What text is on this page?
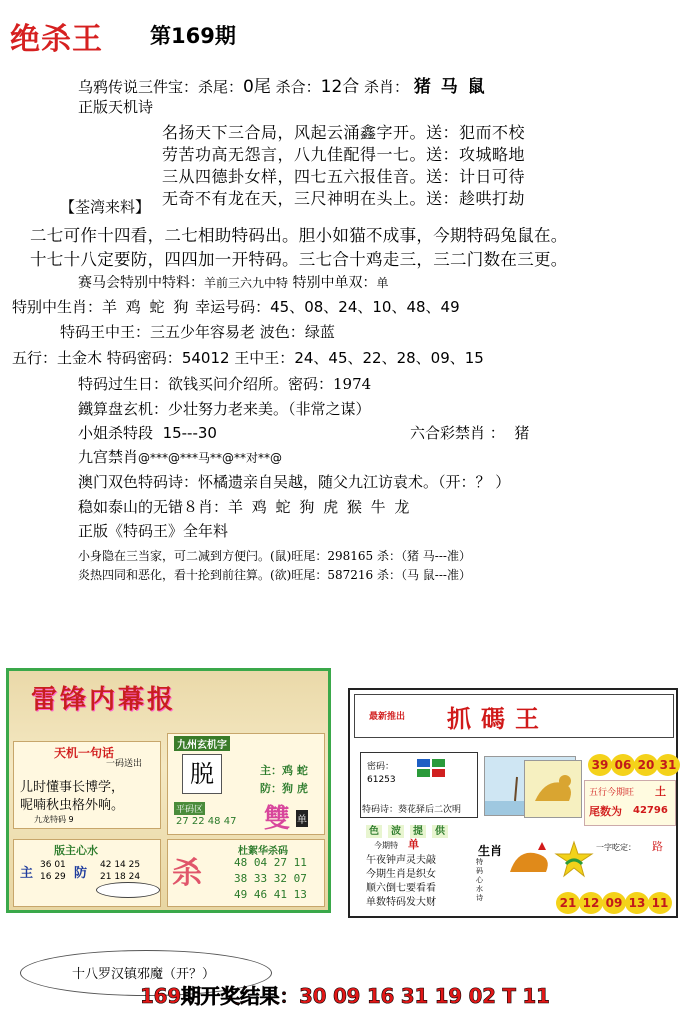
绝杀王 第169期
乌鸦传说三件宝：杀尾：0尾 杀合：12合 杀肖： 猪 马 鼠
正版天机诗
名扬天下三合局，风起云涌鑫字开。送：犯而不校
劳苦功高无怨言，八九佳配得一七。送：攻城略地
三从四德卦女样，四七五六报佳音。送：计日可待
无奇不有龙在天，三尺神明在头上。送：趁哄打劫
【荃湾来料】
二七可作十四看，二七相助特码出。胆小如猫不成事，今期特码兔鼠在。
十七十八定要防，四四加一开特码。三七合十鸡走三，三二门数在三更。
赛马会特别中特料：羊前三六九中特 特别中单双：单
特别中生肖：羊 鸡 蛇 狗 幸运号码：45、08、24、10、48、49
特码王中王：三五少年容易老 波色：绿蓝
五行：土金木 特码密码：54012 王中王：24、45、22、28、09、15
特码过生日：欲钱买问介绍所。密码：1974
鐵算盘玄机：少壮努力老来美。（非常之谋）
小姐杀特段 15---30	六合彩禁肖 ： 猪
九宫禁肖@***@***马**@**对**@
澳门双色特码诗：怀橘遗亲自吴越，随父九江访袁术。（开：？ ）
稳如泰山的无错８肖：羊 鸡 蛇 狗 虎 猴 牛 龙
正版《特码王》全年料
小身隐在三当家，可二减到方便闩。(鼠)旺尾：298165 杀：（猪 马---准）
炎热四同和恶化，看十抡到前往算。(欲)旺尾：587216 杀：（马 鼠---准）
雷锋内幕报
天机一句话
一码送出
儿时懂事长博学，
呢喃秋虫格外响。
九龙特码 9
九州玄机字
脱	主：鸡 蛇
防：狗 虎
平码区
27 22 48 47 雙 单
版主心水
主
36 01
16 29 防
42 14 25
21 18 24 杀
杜絮华杀码
48 04 27 11
38 33 32 07
49 46 41 13
最新推出 抓碼王
密码：
61253
特码诗：葵花驿后二次明
39 06 20 31
五行今期旺 土
尾数为 42796
色 波 提 供
今期特 单	生肖
特码心水诗
午夜钟声灵夫敲
今期生肖是织女
顺六倒七要看看
单数特码发大财
一字吃定： 路
21 12 09 13 11
十八罗汉镇邪魔（开？）
169期开奖结果：30 09 16 31 19 02 T 11
